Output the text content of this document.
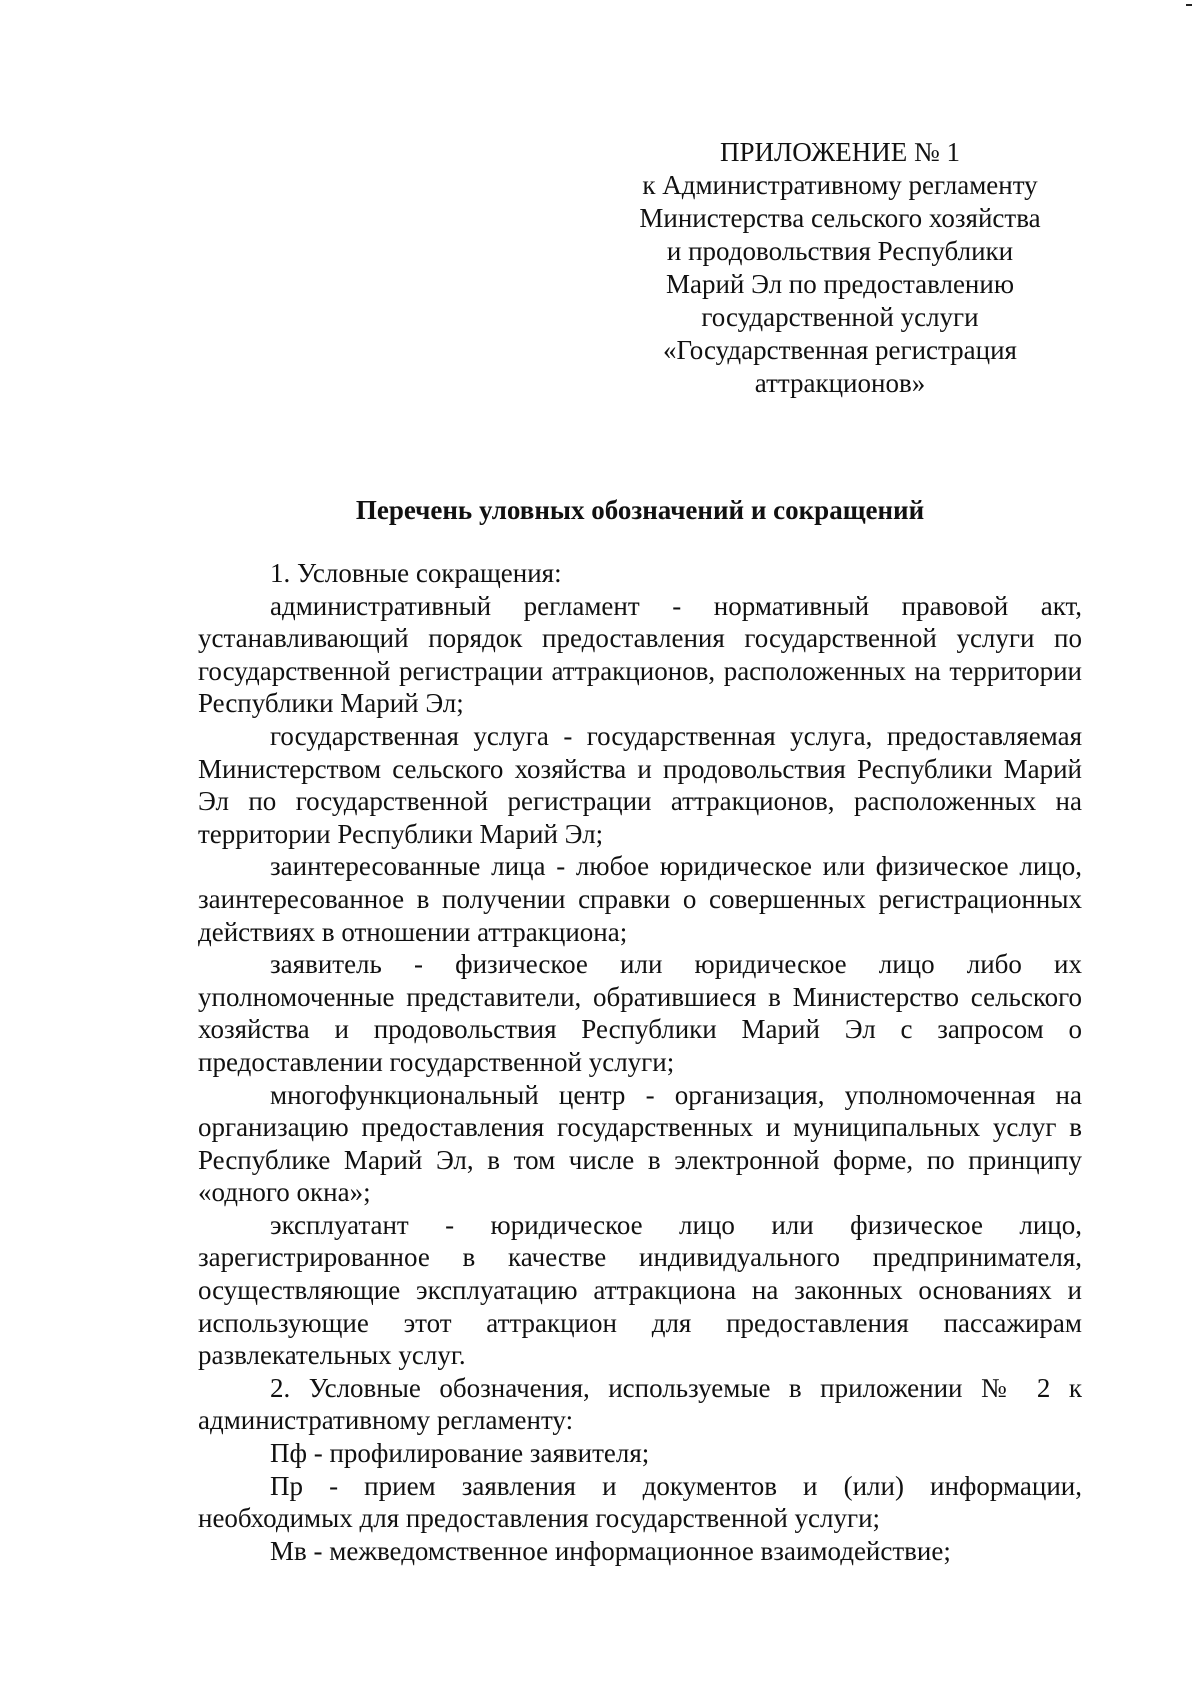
ПРИЛОЖЕНИЕ № 1
к Административному регламенту
Министерства сельского хозяйства
и продовольствия Республики
Марий Эл по предоставлению
государственной услуги
«Государственная регистрация
аттракционов»
Перечень уловных обозначений и сокращений

1. Условные сокращения:

административный регламент - нормативный правовой акт, устанавливающий порядок предоставления государственной услуги по государственной регистрации аттракционов, расположенных на территории Республики Марий Эл;

государственная услуга - государственная услуга, предоставляемая Министерством сельского хозяйства и продовольствия Республики Марий Эл по государственной регистрации аттракционов, расположенных на территории Республики Марий Эл;

заинтересованные лица - любое юридическое или физическое лицо, заинтересованное в получении справки о совершенных регистрационных действиях в отношении аттракциона;

заявитель - физическое или юридическое лицо либо их уполномоченные представители, обратившиеся в Министерство сельского хозяйства и продовольствия Республики Марий Эл с запросом о предоставлении государственной услуги;

многофункциональный центр - организация, уполномоченная на организацию предоставления государственных и муниципальных услуг в Республике Марий Эл, в том числе в электронной форме, по принципу «одного окна»;

эксплуатант - юридическое лицо или физическое лицо, зарегистрированное в качестве индивидуального предпринимателя, осуществляющие эксплуатацию аттракциона на законных основаниях и использующие этот аттракцион для предоставления пассажирам развлекательных услуг.

2. Условные обозначения, используемые в приложении № 2 к административному регламенту:

Пф - профилирование заявителя;

Пр - прием заявления и документов и (или) информации, необходимых для предоставления государственной услуги;

Мв - межведомственное информационное взаимодействие;
